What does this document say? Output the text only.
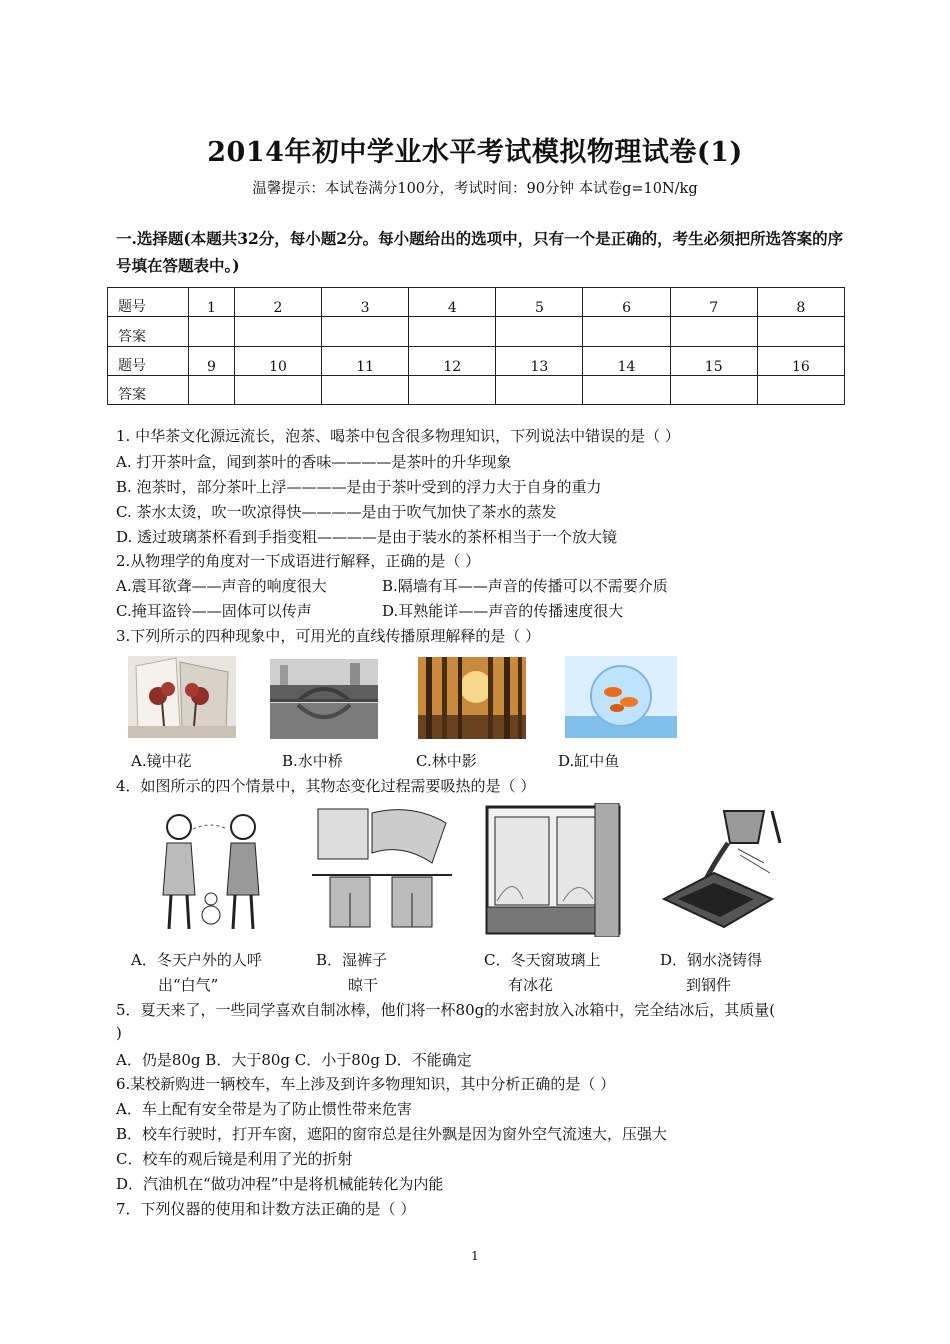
2014年初中学业水平考试模拟物理试卷(1)
温馨提示：本试卷满分100分，考试时间：90分钟 本试卷g=10N/kg
一.选择题(本题共32分，每小题2分。每小题给出的选项中，只有一个是正确的，考生必须把所选答案的序号填在答题表中。)
题号	1	2	3	4	5	6	7	8
答案								
题号	9	10	11	12	13	14	15	16
答案								
1. 中华茶文化源远流长，泡茶、喝茶中包含很多物理知识，下列说法中错误的是（ ）
A. 打开茶叶盒，闻到茶叶的香味————是茶叶的升华现象
B. 泡茶时，部分茶叶上浮————是由于茶叶受到的浮力大于自身的重力
C. 茶水太烫，吹一吹凉得快————是由于吹气加快了茶水的蒸发
D. 透过玻璃茶杯看到手指变粗————是由于装水的茶杯相当于一个放大镜
2.从物理学的角度对一下成语进行解释，正确的是（ ）
A.震耳欲聋——声音的响度很大	B.隔墙有耳——声音的传播可以不需要介质
C.掩耳盗铃——固体可以传声	D.耳熟能详——声音的传播速度很大
3.下列所示的四种现象中，可用光的直线传播原理解释的是（ ）
A.镜中花	B.水中桥	C.林中影	D.缸中鱼
4．如图所示的四个情景中，其物态变化过程需要吸热的是（ ）
A．冬天户外的人呼
出“白气”
B．湿裤子
晾干
C．冬天窗玻璃上
有冰花
D．钢水浇铸得
到钢件
5．夏天来了，一些同学喜欢自制冰棒，他们将一杯80g的水密封放入冰箱中，完全结冰后，其质量(
)
A．仍是80g B．大于80g C．小于80g D．不能确定
6.某校新购进一辆校车，车上涉及到许多物理知识，其中分析正确的是（ ）
A．车上配有安全带是为了防止惯性带来危害
B．校车行驶时，打开车窗，遮阳的窗帘总是往外飘是因为窗外空气流速大，压强大
C．校车的观后镜是利用了光的折射
D．汽油机在“做功冲程”中是将机械能转化为内能
7．下列仪器的使用和计数方法正确的是（ ）
1
